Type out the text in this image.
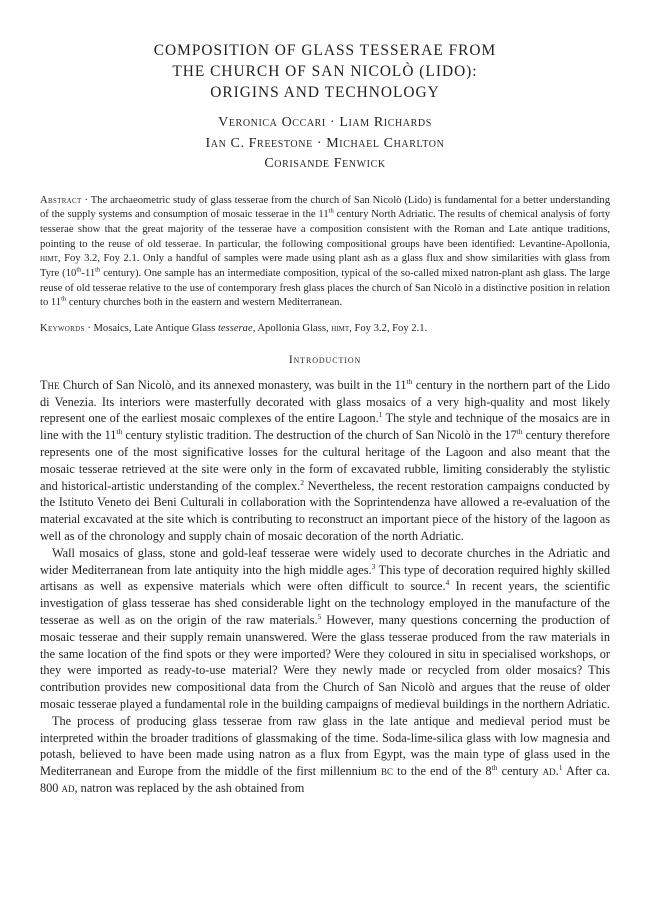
COMPOSITION OF GLASS TESSERAE FROM
THE CHURCH OF SAN NICOLÒ (LIDO):
ORIGINS AND TECHNOLOGY
Veronica Occari · Liam Richards
Ian C. Freestone · Michael Charlton
Corisande Fenwick
Abstract · The archaeometric study of glass tesserae from the church of San Nicolò (Lido) is fundamental for a better understanding of the supply systems and consumption of mosaic tesserae in the 11th century North Adriatic. The results of chemical analysis of forty tesserae show that the great majority of the tesserae have a composition consistent with the Roman and Late antique traditions, pointing to the reuse of old tesserae. In particular, the following compositional groups have been identified: Levantine-Apollonia, himt, Foy 3.2, Foy 2.1. Only a handful of samples were made using plant ash as a glass flux and show similarities with glass from Tyre (10th-11th century). One sample has an intermediate composition, typical of the so-called mixed natron-plant ash glass. The large reuse of old tesserae relative to the use of contemporary fresh glass places the church of San Nicolò in a distinctive position in relation to 11th century churches both in the eastern and western Mediterranean.
Keywords · Mosaics, Late Antique Glass tesserae, Apollonia Glass, himt, Foy 3.2, Foy 2.1.
Introduction

The Church of San Nicolò, and its annexed monastery, was built in the 11th century in the northern part of the Lido di Venezia. Its interiors were masterfully decorated with glass mosaics of a very high-quality and most likely represent one of the earliest mosaic complexes of the entire Lagoon.$^1$ The style and technique of the mosaics are in line with the 11th century stylistic tradition. The destruction of the church of San Nicolò in the 17th century therefore represents one of the most significative losses for the cultural heritage of the Lagoon and also meant that the mosaic tesserae retrieved at the site were only in the form of excavated rubble, limiting considerably the stylistic and historical-artistic understanding of the complex.$^2$ Nevertheless, the recent restoration campaigns conducted by the Istituto Veneto dei Beni Culturali in collaboration with the Soprintendenza have allowed a re-evaluation of the material excavated at the site which is contributing to reconstruct an important piece of the history of the lagoon as well as of the chronology and supply chain of mosaic decoration of the north Adriatic.

Wall mosaics of glass, stone and gold-leaf tesserae were widely used to decorate churches in the Adriatic and wider Mediterranean from late antiquity into the high middle ages.$^3$ This type of decoration required highly skilled artisans as well as expensive materials which were often difficult to source.$^4$ In recent years, the scientific investigation of glass tesserae has shed considerable light on the technology employed in the manufacture of the tesserae as well as on the origin of the raw materials.$^5$ However, many questions concerning the production of mosaic tesserae and their supply remain unanswered. Were the glass tesserae produced from the raw materials in the same location of the find spots or they were imported? Were they coloured in situ in specialised workshops, or they were imported as ready-to-use material? Were they newly made or recycled from older mosaics? This contribution provides new compositional data from the Church of San Nicolò and argues that the reuse of older mosaic tesserae played a fundamental role in the building campaigns of medieval buildings in the northern Adriatic.

The process of producing glass tesserae from raw glass in the late antique and medieval period must be interpreted within the broader traditions of glassmaking of the time. Soda-lime-silica glass with low magnesia and potash, believed to have been made using natron as a flux from Egypt, was the main type of glass used in the Mediterranean and Europe from the middle of the first millennium bc to the end of the 8th century ad.$^1$ After ca. 800 ad, natron was replaced by the ash obtained from
